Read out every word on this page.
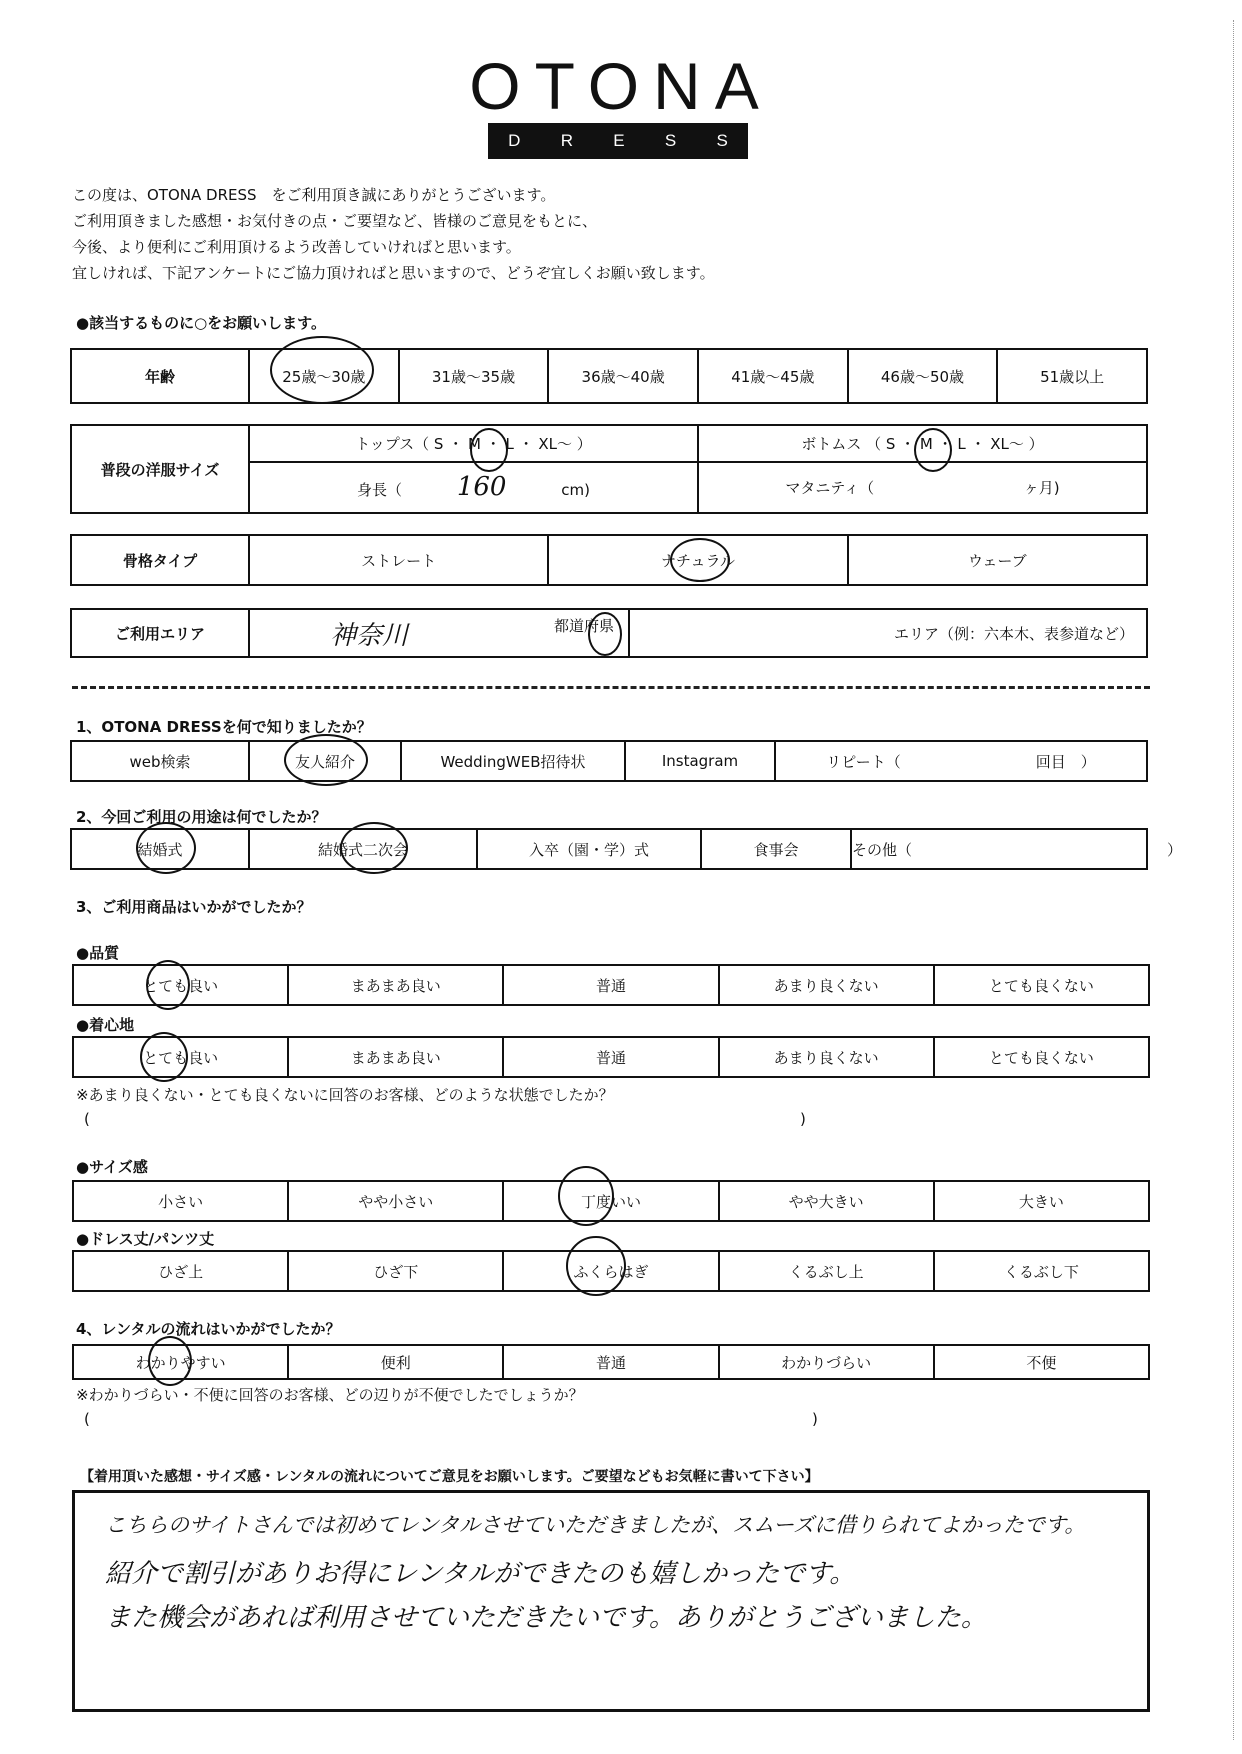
OTONA
D R E S S

この度は、OTONA DRESS　をご利用頂き誠にありがとうございます。

ご利用頂きました感想・お気付きの点・ご要望など、皆様のご意見をもとに、

今後、より便利にご利用頂けるよう改善していければと思います。

宜しければ、下記アンケートにご協力頂ければと思いますので、どうぞ宜しくお願い致します。

●該当するものに○をお願いします。
年齢	25歳〜30歳	31歳〜35歳	36歳〜40歳	41歳〜45歳	46歳〜50歳	51歳以上
普段の洋服サイズ	トップス（ S ・ M ・ L ・ XL〜 ）	ボトムス （ S ・ M ・ L ・ XL〜 ）
	身長（ 160 cm)	マタニティ（ ヶ月)
骨格タイプ	ストレート	ナチュラル	ウェーブ
ご利用エリア	神奈川	都道府県	エリア（例：六本木、表参道など）
1、OTONA DRESSを何で知りましたか？
web検索	友人紹介	WeddingWEB招待状	Instagram	リピート（　　　　　　　　　回目　）
2、今回ご利用の用途は何でしたか？
結婚式	結婚式二次会	入卒（園・学）式	食事会	その他（　　　　　　　　　　　　　　　　　）
3、ご利用商品はいかがでしたか？
●品質
とても良い	まあまあ良い	普通	あまり良くない	とても良くない
●着心地
とても良い	まあまあ良い	普通	あまり良くない	とても良くない
※あまり良くない・とても良くないに回答のお客様、どのような状態でしたか？
(	)
●サイズ感
小さい	やや小さい	丁度いい	やや大きい	大きい
●ドレス丈/パンツ丈
ひざ上	ひざ下	ふくらはぎ	くるぶし上	くるぶし下
4、レンタルの流れはいかがでしたか？
わかりやすい	便利	普通	わかりづらい	不便
※わかりづらい・不便に回答のお客様、どの辺りが不便でしたでしょうか？
(	)
【着用頂いた感想・サイズ感・レンタルの流れについてご意見をお願いします。ご要望などもお気軽に書いて下さい】
こちらのサイトさんでは初めてレンタルさせていただきましたが、スムーズに借りられてよかったです。
紹介で割引がありお得にレンタルができたのも嬉しかったです。
また機会があれば利用させていただきたいです。ありがとうございました。
